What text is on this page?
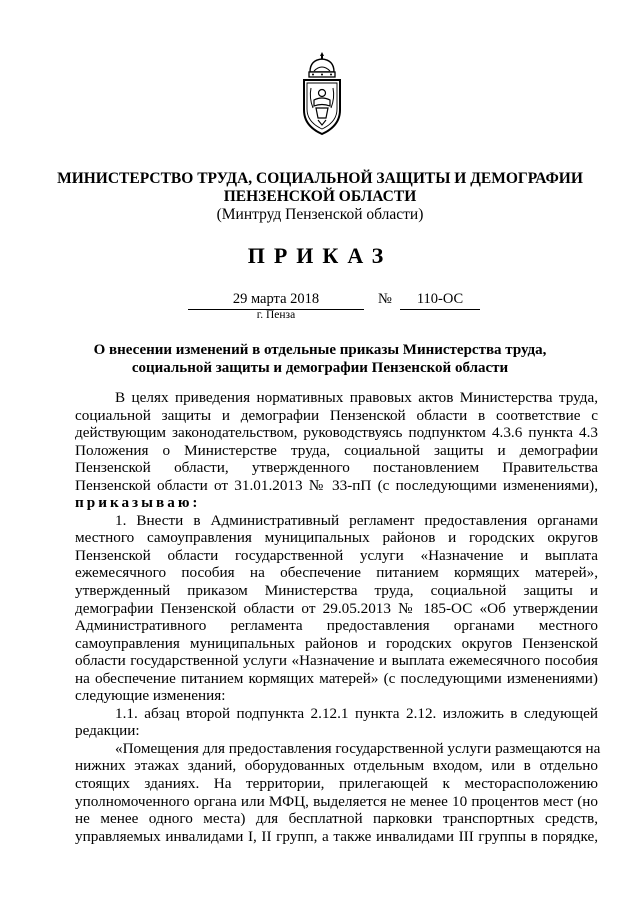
МИНИСТЕРСТВО ТРУДА, СОЦИАЛЬНОЙ ЗАЩИТЫ И ДЕМОГРАФИИ
ПЕНЗЕНСКОЙ ОБЛАСТИ
(Минтруд Пензенской области)
ПРИКАЗ
29 марта 2018	№	110-ОС
г. Пенза
О внесении изменений в отдельные приказы Министерства труда,
социальной защиты и демографии Пензенской области
В целях приведения нормативных правовых актов Министерства труда,
социальной защиты и демографии Пензенской области в соответствие с
действующим законодательством, руководствуясь подпунктом 4.3.6 пункта 4.3
Положения о Министерстве труда, социальной защиты и демографии
Пензенской области, утвержденного постановлением Правительства
Пензенской области от 31.01.2013 № 33-пП (с последующими изменениями),
приказываю:
1. Внести в Административный регламент предоставления органами
местного самоуправления муниципальных районов и городских округов
Пензенской области государственной услуги «Назначение и выплата
ежемесячного пособия на обеспечение питанием кормящих матерей»,
утвержденный приказом Министерства труда, социальной защиты и
демографии Пензенской области от 29.05.2013 № 185-ОС «Об утверждении
Административного регламента предоставления органами местного
самоуправления муниципальных районов и городских округов Пензенской
области государственной услуги «Назначение и выплата ежемесячного пособия
на обеспечение питанием кормящих матерей» (с последующими изменениями)
следующие изменения:
1.1. абзац второй подпункта 2.12.1 пункта 2.12. изложить в следующей
редакции:
«Помещения для предоставления государственной услуги размещаются на
нижних этажах зданий, оборудованных отдельным входом, или в отдельно
стоящих зданиях. На территории, прилегающей к месторасположению
уполномоченного органа или МФЦ, выделяется не менее 10 процентов мест (но
не менее одного места) для бесплатной парковки транспортных средств,
управляемых инвалидами I, II групп, а также инвалидами III группы в порядке,
